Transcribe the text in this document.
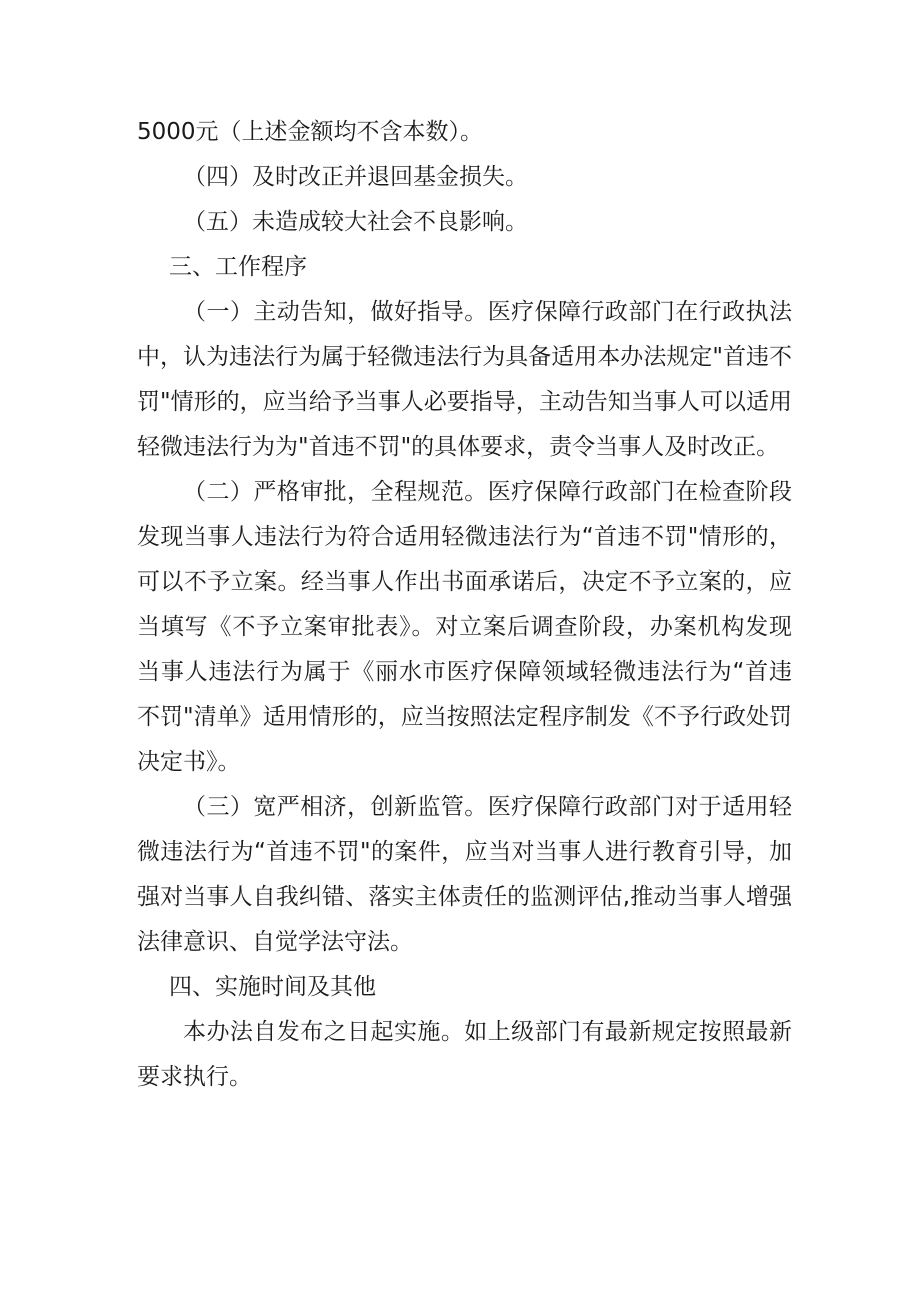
5000元（上述金额均不含本数）。

（四）及时改正并退回基金损失。

（五）未造成较大社会不良影响。

三、工作程序

（一）主动告知，做好指导。医疗保障行政部门在行政执法中，认为违法行为属于轻微违法行为具备适用本办法规定"首违不罚"情形的，应当给予当事人必要指导，主动告知当事人可以适用轻微违法行为为"首违不罚"的具体要求，责令当事人及时改正。

（二）严格审批，全程规范。医疗保障行政部门在检查阶段发现当事人违法行为符合适用轻微违法行为“首违不罚"情形的，可以不予立案。经当事人作出书面承诺后，决定不予立案的，应当填写《不予立案审批表》。对立案后调查阶段，办案机构发现当事人违法行为属于《丽水市医疗保障领域轻微违法行为“首违不罚"清单》适用情形的，应当按照法定程序制发《不予行政处罚决定书》。

（三）宽严相济，创新监管。医疗保障行政部门对于适用轻微违法行为“首违不罚"的案件，应当对当事人进行教育引导，加强对当事人自我纠错、落实主体责任的监测评估,推动当事人增强法律意识、自觉学法守法。

四、实施时间及其他

本办法自发布之日起实施。如上级部门有最新规定按照最新要求执行。
